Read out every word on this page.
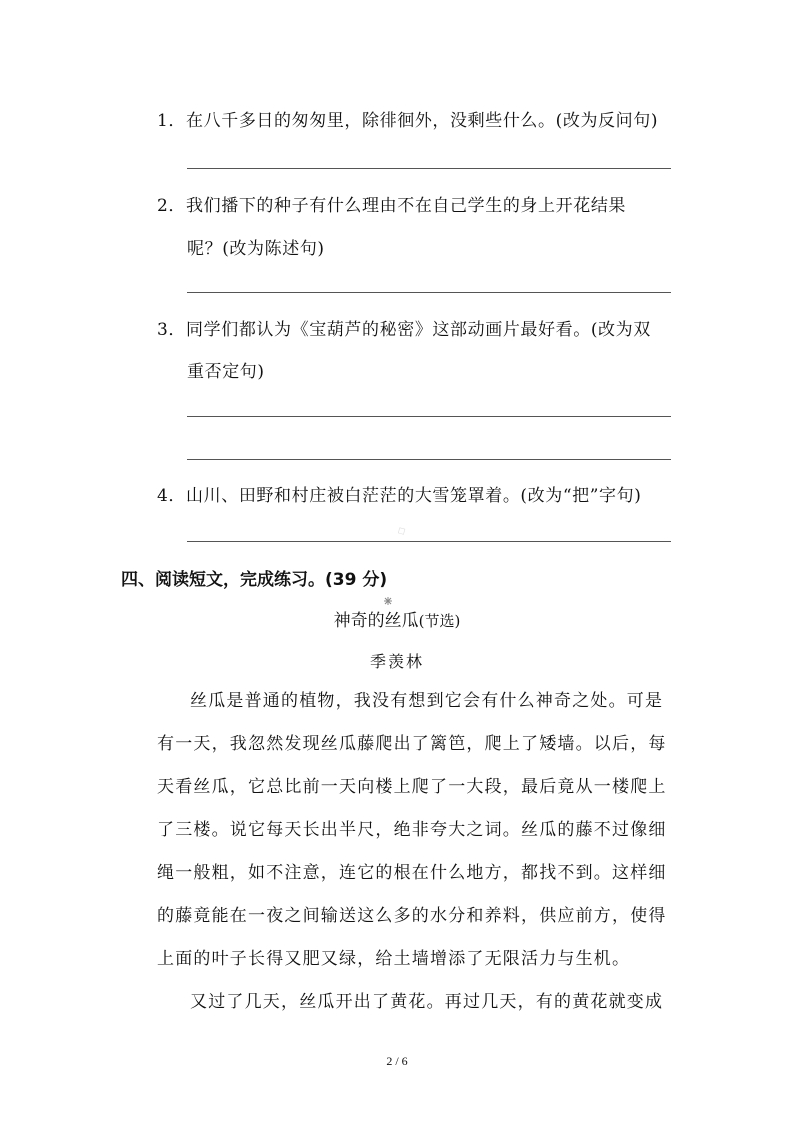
1．在八千多日的匆匆里，除徘徊外，没剩些什么。(改为反问句)
2．我们播下的种子有什么理由不在自己学生的身上开花结果
呢？(改为陈述句)
3．同学们都认为《宝葫芦的秘密》这部动画片最好看。(改为双
重否定句)
4．山川、田野和村庄被白茫茫的大雪笼罩着。(改为“把”字句)
◇
四、阅读短文，完成练习。(39 分)
神奇的丝瓜(节选)
季羡林
丝瓜是普通的植物，我没有想到它会有什么神奇之处。可是
有一天，我忽然发现丝瓜藤爬出了篱笆，爬上了矮墙。以后，每
天看丝瓜，它总比前一天向楼上爬了一大段，最后竟从一楼爬上
了三楼。说它每天长出半尺，绝非夸大之词。丝瓜的藤不过像细
绳一般粗，如不注意，连它的根在什么地方，都找不到。这样细
的藤竟能在一夜之间输送这么多的水分和养料，供应前方，使得
上面的叶子长得又肥又绿，给土墙增添了无限活力与生机。
又过了几天，丝瓜开出了黄花。再过几天，有的黄花就变成
2 / 6
